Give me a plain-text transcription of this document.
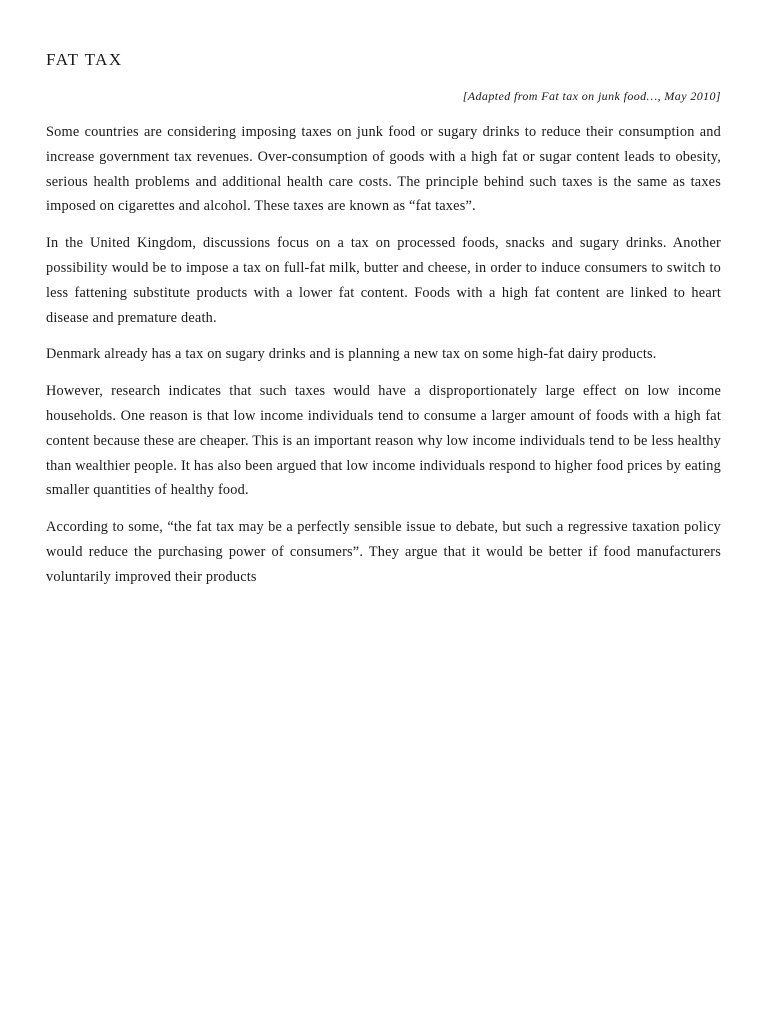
FAT TAX

[Adapted from Fat tax on junk food…, May 2010]

Some countries are considering imposing taxes on junk food or sugary drinks to reduce their consumption and increase government tax revenues. Over-consumption of goods with a high fat or sugar content leads to obesity, serious health problems and additional health care costs. The principle behind such taxes is the same as taxes imposed on cigarettes and alcohol. These taxes are known as “fat taxes”.

In the United Kingdom, discussions focus on a tax on processed foods, snacks and sugary drinks. Another possibility would be to impose a tax on full-fat milk, butter and cheese, in order to induce consumers to switch to less fattening substitute products with a lower fat content. Foods with a high fat content are linked to heart disease and premature death.

Denmark already has a tax on sugary drinks and is planning a new tax on some high-fat dairy products.

However, research indicates that such taxes would have a disproportionately large effect on low income households. One reason is that low income individuals tend to consume a larger amount of foods with a high fat content because these are cheaper. This is an important reason why low income individuals tend to be less healthy than wealthier people. It has also been argued that low income individuals respond to higher food prices by eating smaller quantities of healthy food.

According to some, “the fat tax may be a perfectly sensible issue to debate, but such a regressive taxation policy would reduce the purchasing power of consumers”. They argue that it would be better if food manufacturers voluntarily improved their products
